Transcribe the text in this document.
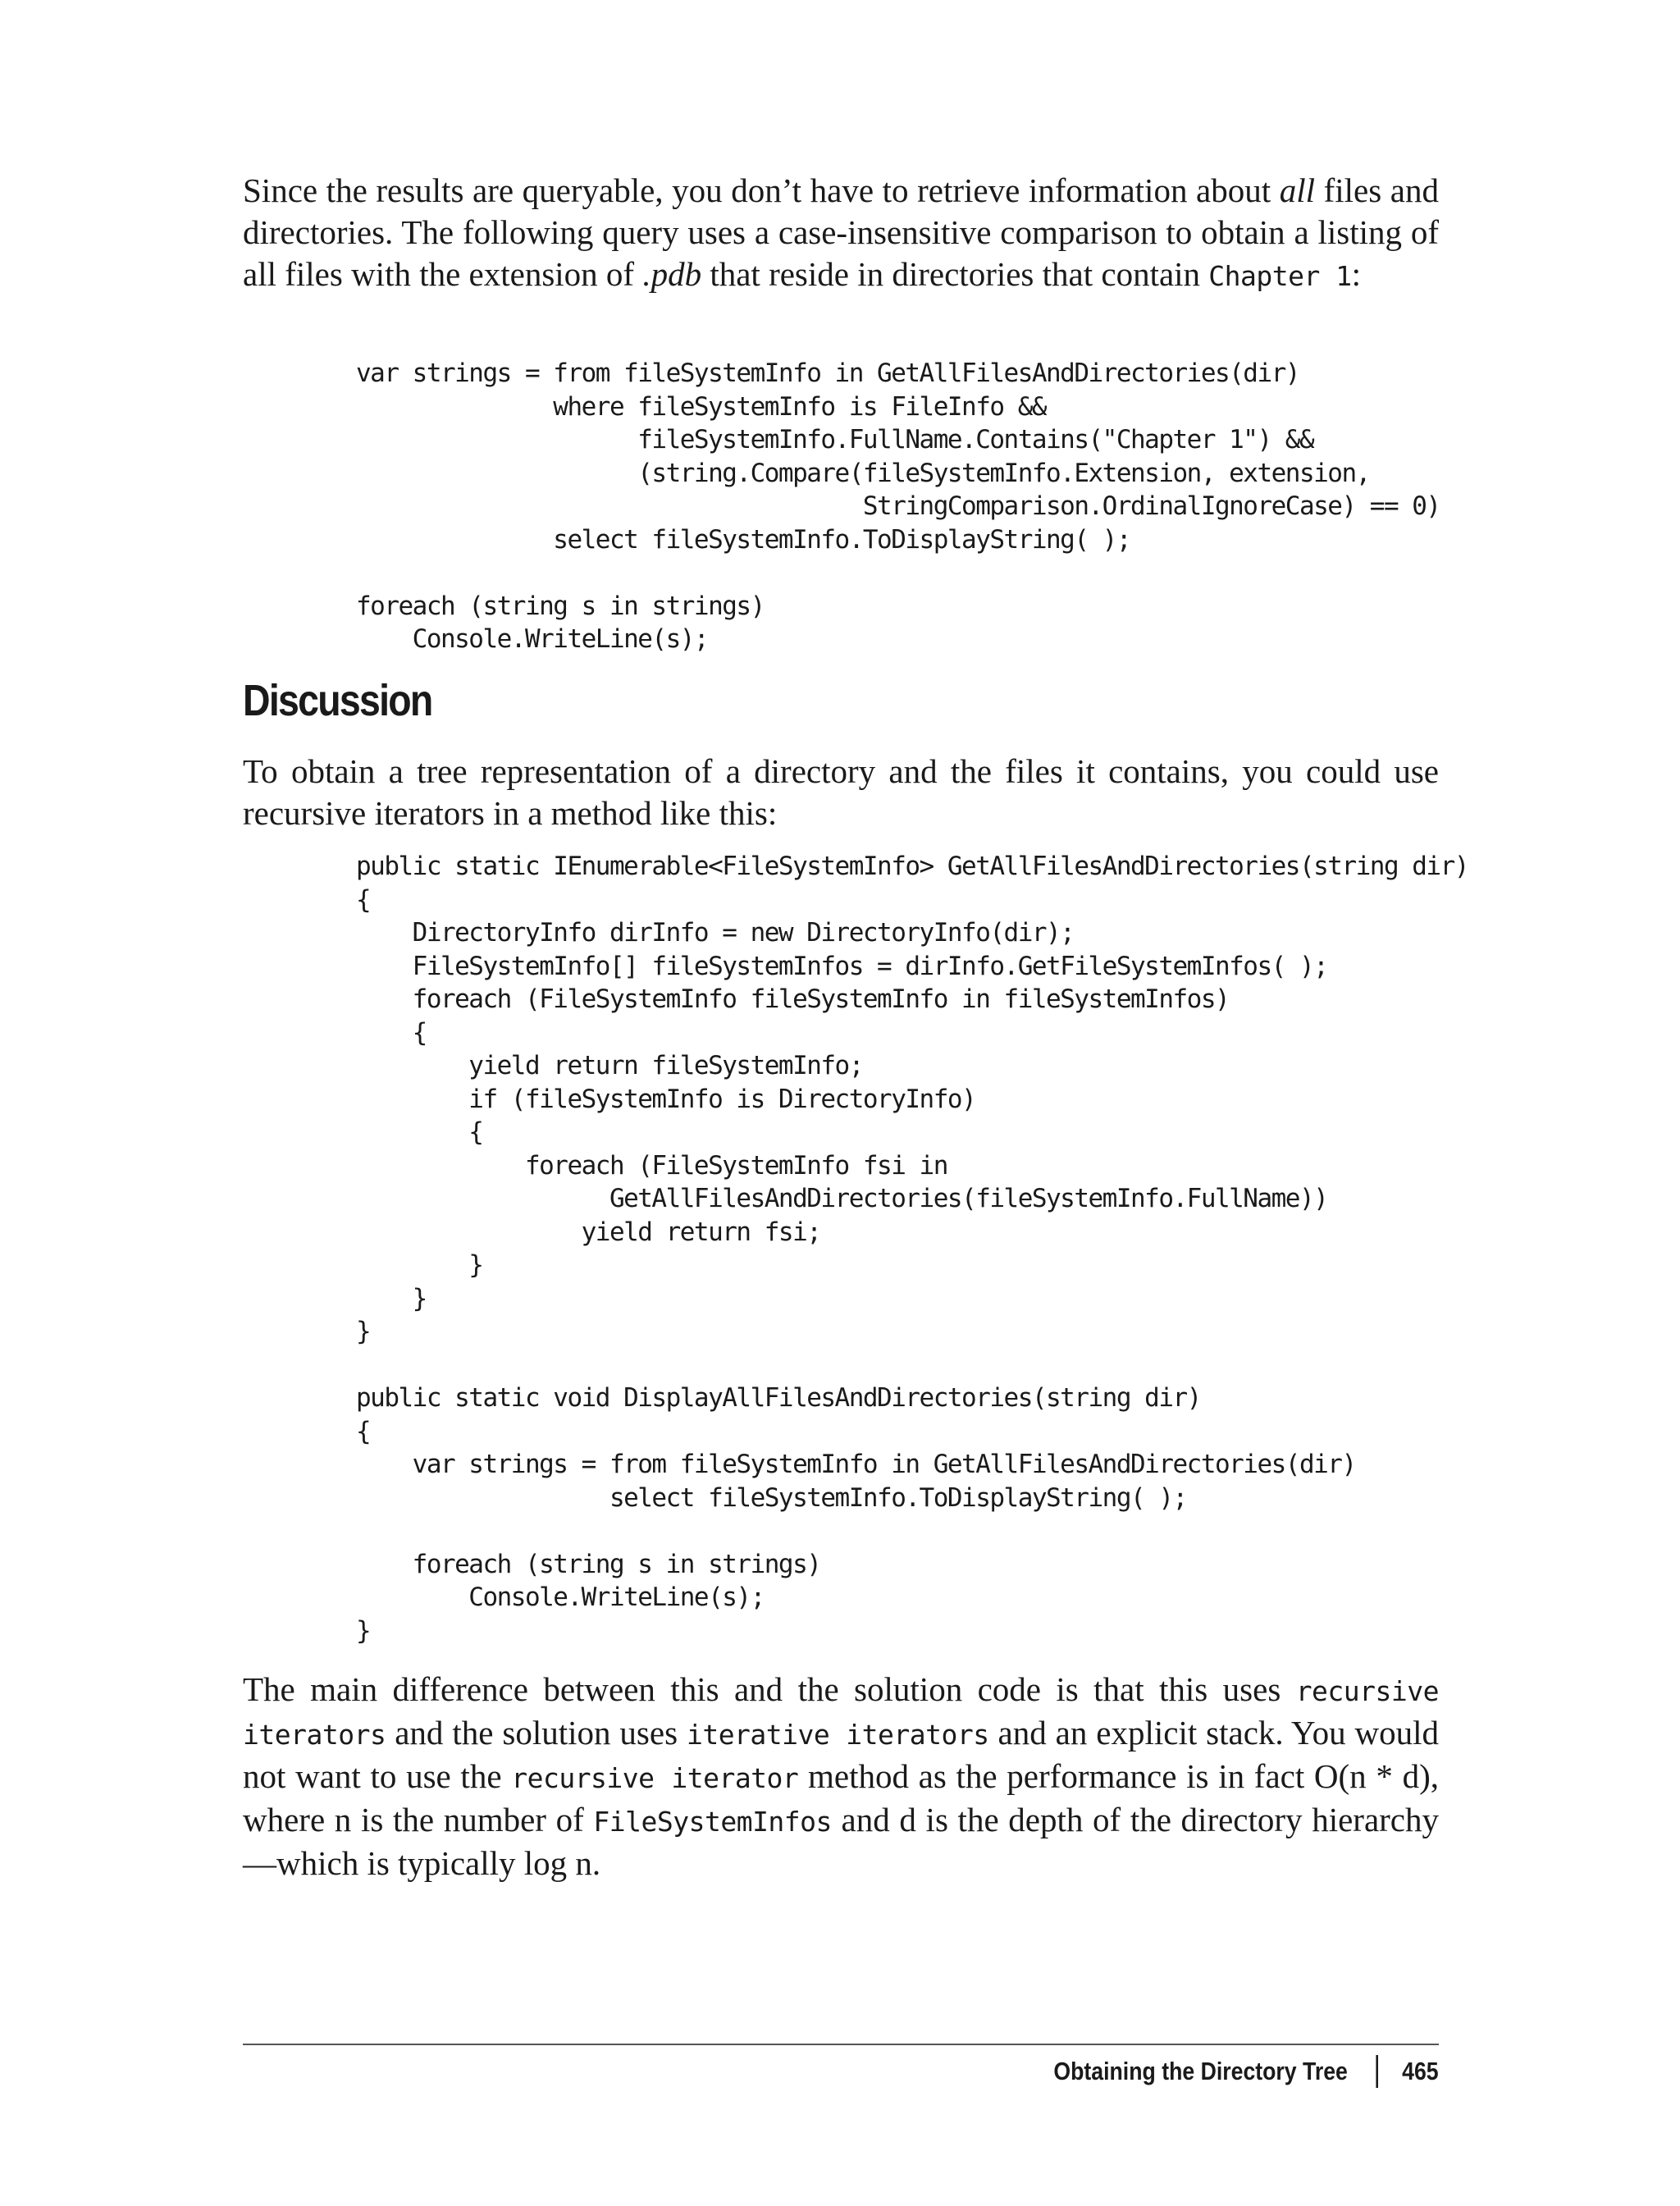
Since the results are queryable, you don’t have to retrieve information about all files and directories. The following query uses a case-insensitive comparison to obtain a listing of all files with the extension of .pdb that reside in directories that contain Chapter 1:

var strings = from fileSystemInfo in GetAllFilesAndDirectories(dir)
where fileSystemInfo is FileInfo &&
fileSystemInfo.FullName.Contains("Chapter 1") &&
(string.Compare(fileSystemInfo.Extension, extension,
StringComparison.OrdinalIgnoreCase) == 0)
select fileSystemInfo.ToDisplayString( );

foreach (string s in strings)
Console.WriteLine(s);
Discussion

To obtain a tree representation of a directory and the files it contains, you could use recursive iterators in a method like this:

public static IEnumerable<FileSystemInfo> GetAllFilesAndDirectories(string dir)
{
DirectoryInfo dirInfo = new DirectoryInfo(dir);
FileSystemInfo[] fileSystemInfos = dirInfo.GetFileSystemInfos( );
foreach (FileSystemInfo fileSystemInfo in fileSystemInfos)
{
yield return fileSystemInfo;
if (fileSystemInfo is DirectoryInfo)
{
foreach (FileSystemInfo fsi in
GetAllFilesAndDirectories(fileSystemInfo.FullName))
yield return fsi;
}
}
}

public static void DisplayAllFilesAndDirectories(string dir)
{
var strings = from fileSystemInfo in GetAllFilesAndDirectories(dir)
select fileSystemInfo.ToDisplayString( );

foreach (string s in strings)
Console.WriteLine(s);
}

The main difference between this and the solution code is that this uses recursive iterators and the solution uses iterative iterators and an explicit stack. You would not want to use the recursive iterator method as the performance is in fact O(n * d), where n is the number of FileSystemInfos and d is the depth of the directory hierarchy—which is typically log n.

Obtaining the Directory Tree 465
